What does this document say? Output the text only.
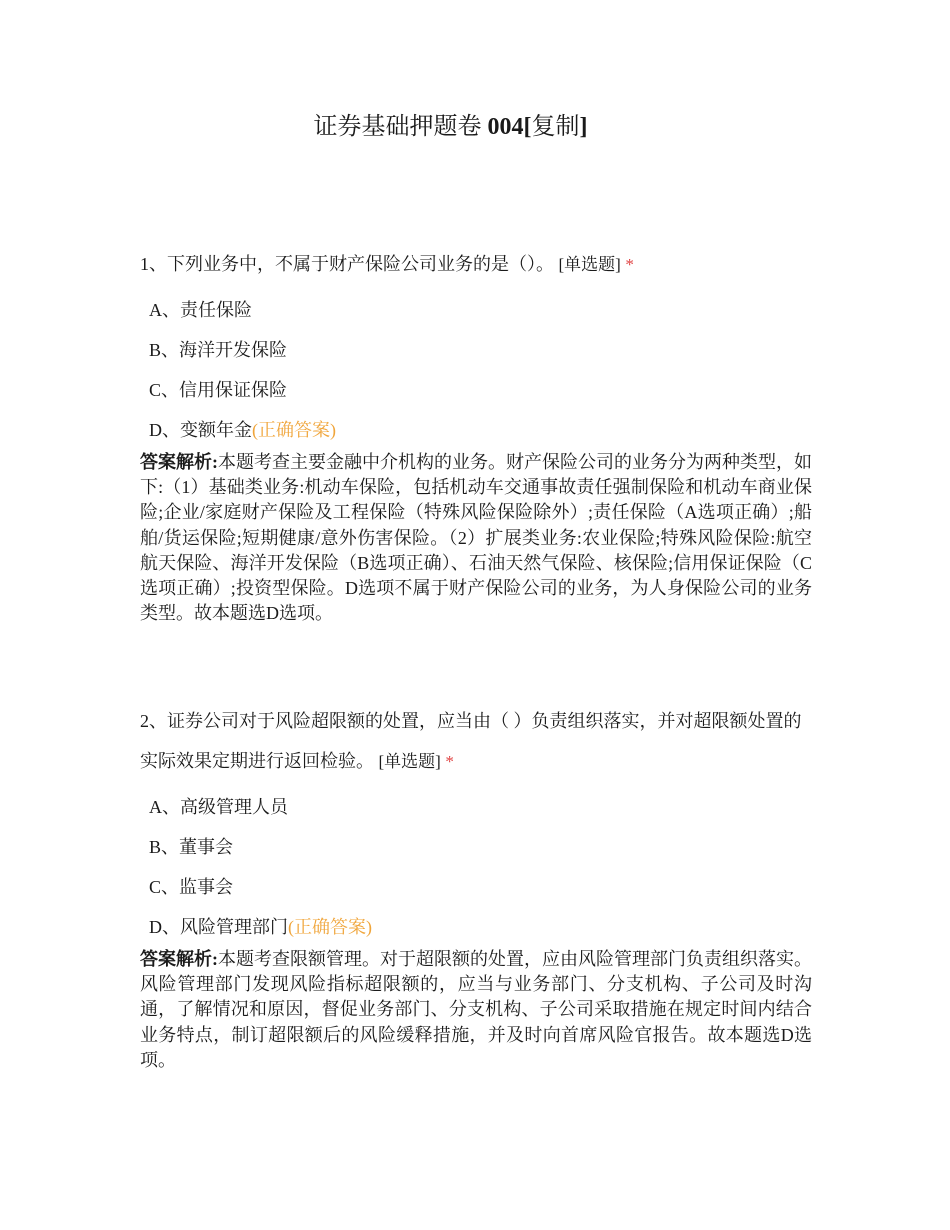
证券基础押题卷 004[复制]

1、下列业务中，不属于财产保险公司业务的是（）。 [单选题] *

A、责任保险
B、海洋开发保险
C、信用保证保险
D、变额年金(正确答案)

答案解析:本题考查主要金融中介机构的业务。财产保险公司的业务分为两种类型，如下:（1）基础类业务:机动车保险，包括机动车交通事故责任强制保险和机动车商业保险;企业/家庭财产保险及工程保险（特殊风险保险除外）;责任保险（A选项正确）;船舶/货运保险;短期健康/意外伤害保险。（2）扩展类业务:农业保险;特殊风险保险:航空航天保险、海洋开发保险（B选项正确）、石油天然气保险、核保险;信用保证保险（C选项正确）;投资型保险。D选项不属于财产保险公司的业务，为人身保险公司的业务类型。故本题选D选项。

2、证券公司对于风险超限额的处置，应当由（ ）负责组织落实，并对超限额处置的实际效果定期进行返回检验。 [单选题] *

A、高级管理人员
B、董事会
C、监事会
D、风险管理部门(正确答案)

答案解析:本题考查限额管理。对于超限额的处置，应由风险管理部门负责组织落实。风险管理部门发现风险指标超限额的，应当与业务部门、分支机构、子公司及时沟通，了解情况和原因，督促业务部门、分支机构、子公司采取措施在规定时间内结合业务特点，制订超限额后的风险缓释措施，并及时向首席风险官报告。故本题选D选项。
